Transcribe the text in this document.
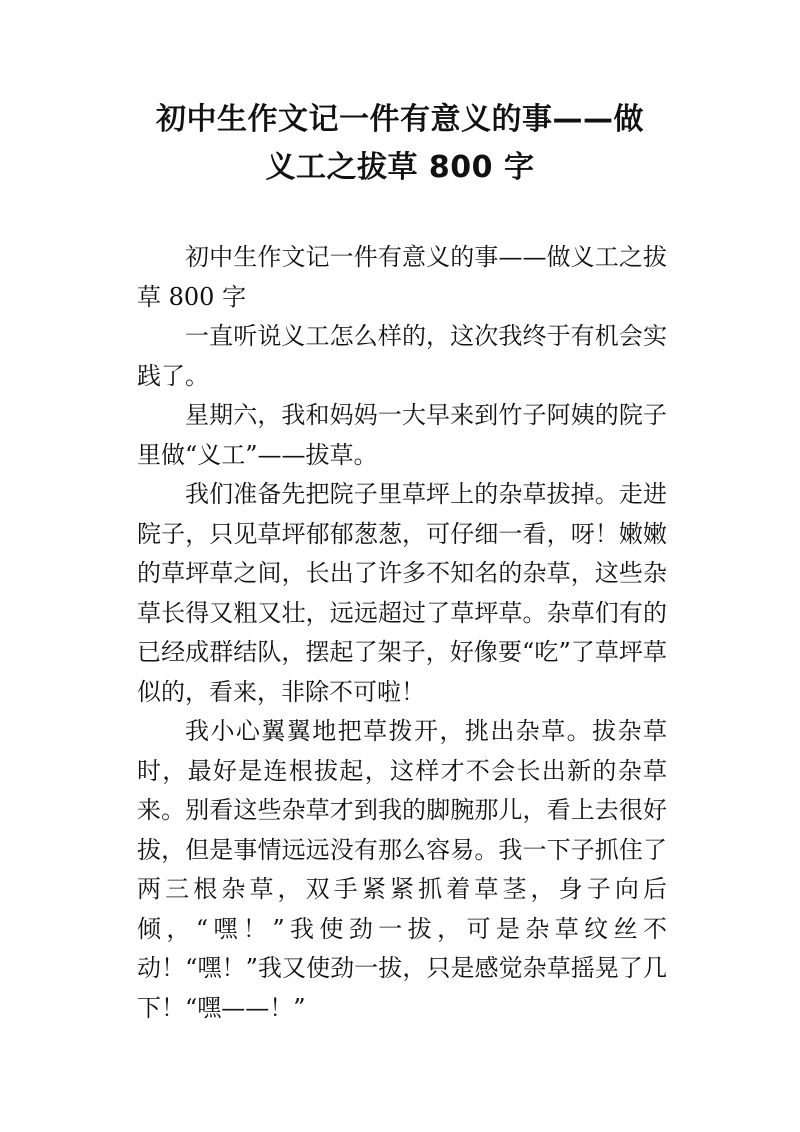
初中生作文记一件有意义的事——做
义工之拔草 800 字

初中生作文记一件有意义的事——做义工之拔草 800 字

一直听说义工怎么样的，这次我终于有机会实践了。

星期六，我和妈妈一大早来到竹子阿姨的院子里做“义工”——拔草。

我们准备先把院子里草坪上的杂草拔掉。走进院子，只见草坪郁郁葱葱，可仔细一看，呀！嫩嫩的草坪草之间，长出了许多不知名的杂草，这些杂草长得又粗又壮，远远超过了草坪草。杂草们有的已经成群结队，摆起了架子，好像要“吃”了草坪草似的，看来，非除不可啦！

我小心翼翼地把草拨开，挑出杂草。拔杂草时，最好是连根拔起，这样才不会长出新的杂草来。别看这些杂草才到我的脚腕那儿，看上去很好拔，但是事情远远没有那么容易。我一下子抓住了两三根杂草，双手紧紧抓着草茎，身子向后倾，“嘿！”我使劲一拔，可是杂草纹丝不动！“嘿！”我又使劲一拔，只是感觉杂草摇晃了几下！“嘿——！”
